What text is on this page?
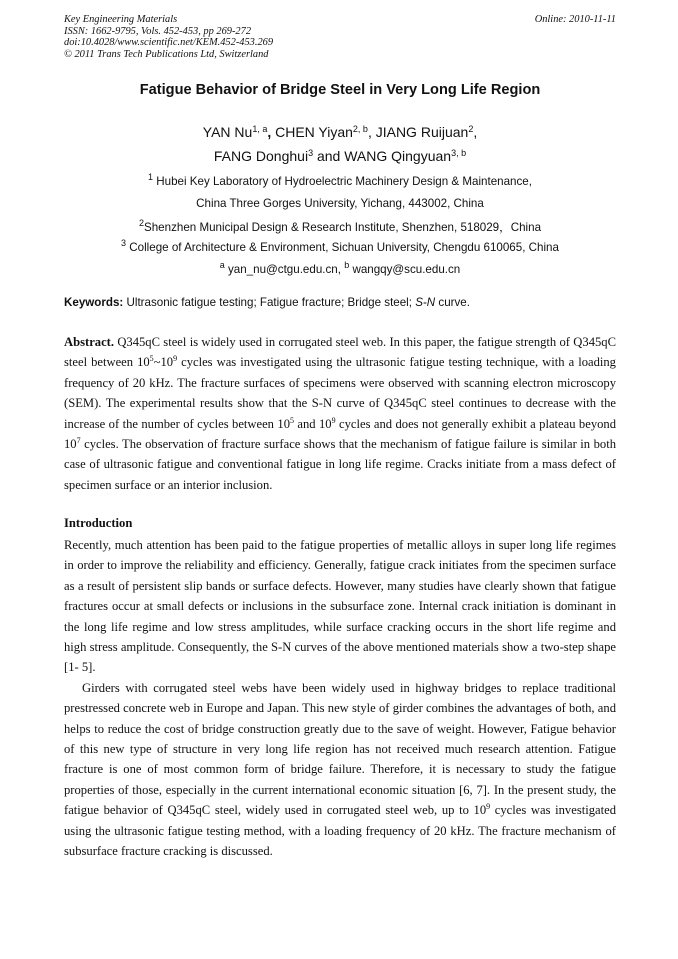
Key Engineering Materials
ISSN: 1662-9795, Vols. 452-453, pp 269-272
doi:10.4028/www.scientific.net/KEM.452-453.269
© 2011 Trans Tech Publications Ltd, Switzerland
Online: 2010-11-11
Fatigue Behavior of Bridge Steel in Very Long Life Region
YAN Nu$^{1, a}$, CHEN Yiyan$^{2, b}$, JIANG Ruijuan$^2$,
FANG Donghui$^3$ and WANG Qingyuan$^{3, b}$
$^1$ Hubei Key Laboratory of Hydroelectric Machinery Design & Maintenance,
China Three Gorges University, Yichang, 443002, China
$^2$Shenzhen Municipal Design & Research Institute, Shenzhen, 518029，China
$^3$ College of Architecture & Environment, Sichuan University, Chengdu 610065, China
$^a$ yan_nu@ctgu.edu.cn, $^b$ wangqy@scu.edu.cn
Keywords: Ultrasonic fatigue testing; Fatigue fracture; Bridge steel; S-N curve.
Abstract. Q345qC steel is widely used in corrugated steel web. In this paper, the fatigue strength of Q345qC steel between $10^5\sim 10^9$ cycles was investigated using the ultrasonic fatigue testing technique, with a loading frequency of 20 kHz. The fracture surfaces of specimens were observed with scanning electron microscopy (SEM). The experimental results show that the S-N curve of Q345qC steel continues to decrease with the increase of the number of cycles between $10^5$ and $10^9$ cycles and does not generally exhibit a plateau beyond $10^7$ cycles. The observation of fracture surface shows that the mechanism of fatigue failure is similar in both case of ultrasonic fatigue and conventional fatigue in long life regime. Cracks initiate from a mass defect of specimen surface or an interior inclusion.
Introduction
Recently, much attention has been paid to the fatigue properties of metallic alloys in super long life regimes in order to improve the reliability and efficiency. Generally, fatigue crack initiates from the specimen surface as a result of persistent slip bands or surface defects. However, many studies have clearly shown that fatigue fractures occur at small defects or inclusions in the subsurface zone. Internal crack initiation is dominant in the long life regime and low stress amplitudes, while surface cracking occurs in the short life regime and high stress amplitude. Consequently, the S-N curves of the above mentioned materials show a two-step shape [1- 5].
Girders with corrugated steel webs have been widely used in highway bridges to replace traditional prestressed concrete web in Europe and Japan. This new style of girder combines the advantages of both, and helps to reduce the cost of bridge construction greatly due to the save of weight. However, Fatigue behavior of this new type of structure in very long life region has not received much research attention. Fatigue fracture is one of most common form of bridge failure. Therefore, it is necessary to study the fatigue properties of those, especially in the current international economic situation [6, 7]. In the present study, the fatigue behavior of Q345qC steel, widely used in corrugated steel web, up to $10^9$ cycles was investigated using the ultrasonic fatigue testing method, with a loading frequency of 20 kHz. The fracture mechanism of subsurface fracture cracking is discussed.
